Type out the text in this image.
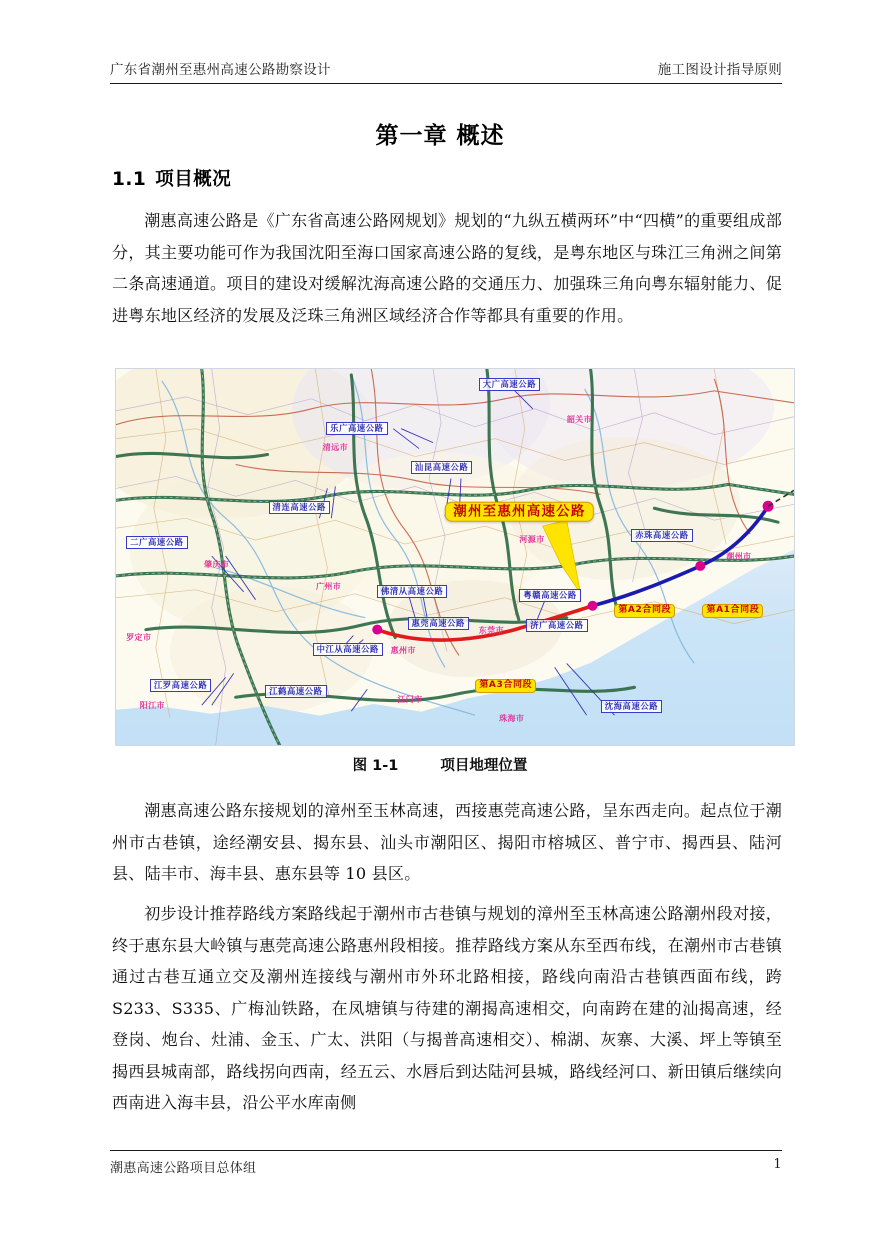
广东省潮州至惠州高速公路勘察设计	施工图设计指导原则
第一章 概述
1.1 项目概况
潮惠高速公路是《广东省高速公路网规划》规划的“九纵五横两环”中“四横”的重要组成部分，其主要功能可作为我国沈阳至海口国家高速公路的复线，是粤东地区与珠江三角洲之间第二条高速通道。项目的建设对缓解沈海高速公路的交通压力、加强珠三角向粤东辐射能力、促进粤东地区经济的发展及泛珠三角洲区域经济合作等都具有重要的作用。
韶关市
清远市
河源市
潮州市
肇庆市
广州市
罗定市
惠州市
东莞市
江门市
珠海市
阳江市
大广高速公路
乐广高速公路
汕昆高速公路
清连高速公路
二广高速公路
赤珠高速公路
佛清从高速公路	粤赣高速公路
惠莞高速公路	济广高速公路
中江从高速公路
江罗高速公路
江鹤高速公路
沈海高速公路
潮州至惠州高速公路
第A2合同段	第A1合同段
第A3合同段
图 1-1	项目地理位置
潮惠高速公路东接规划的漳州至玉林高速，西接惠莞高速公路，呈东西走向。起点位于潮州市古巷镇，途经潮安县、揭东县、汕头市潮阳区、揭阳市榕城区、普宁市、揭西县、陆河县、陆丰市、海丰县、惠东县等 10 县区。
初步设计推荐路线方案路线起于潮州市古巷镇与规划的漳州至玉林高速公路潮州段对接，终于惠东县大岭镇与惠莞高速公路惠州段相接。推荐路线方案从东至西布线，在潮州市古巷镇通过古巷互通立交及潮州连接线与潮州市外环北路相接，路线向南沿古巷镇西面布线，跨 S233、S335、广梅汕铁路，在凤塘镇与待建的潮揭高速相交，向南跨在建的汕揭高速，经登岗、炮台、灶浦、金玉、广太、洪阳（与揭普高速相交）、棉湖、灰寨、大溪、坪上等镇至揭西县城南部，路线拐向西南，经五云、水唇后到达陆河县城，路线经河口、新田镇后继续向西南进入海丰县，沿公平水库南侧
潮惠高速公路项目总体组	1
